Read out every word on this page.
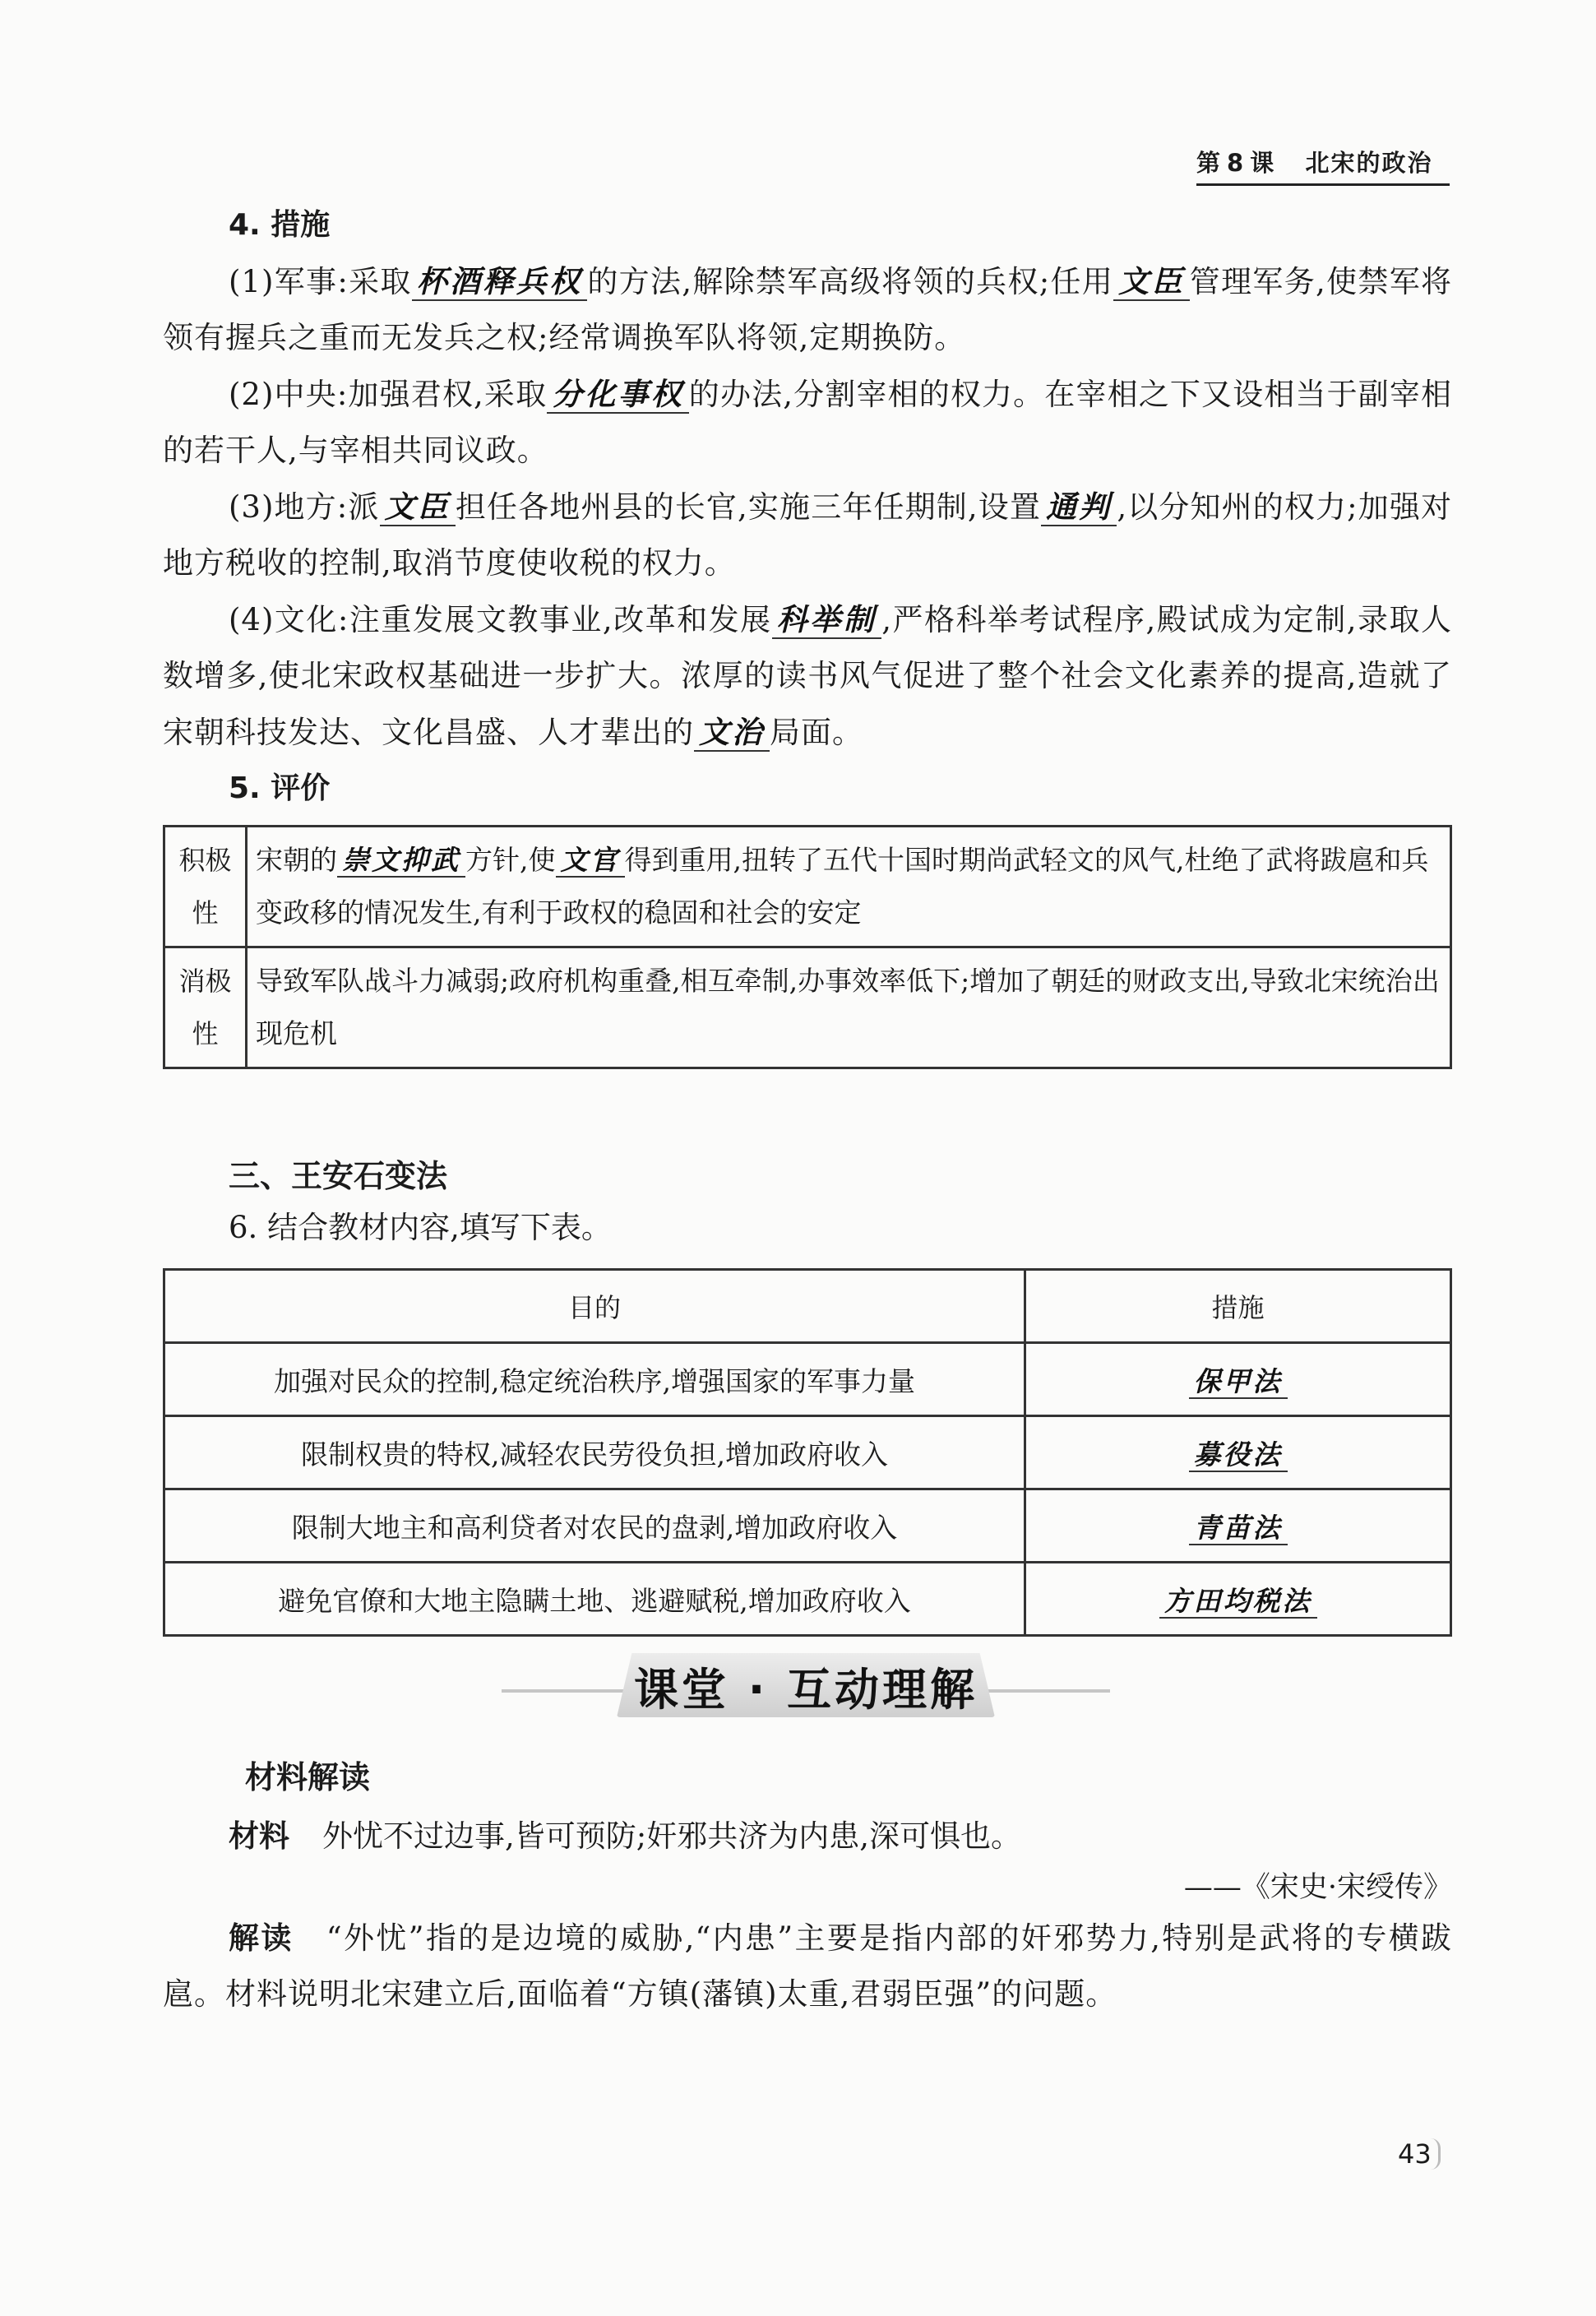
第 8 课 北宋的政治
4. 措施

(1)军事:采取 杯酒释兵权 的方法,解除禁军高级将领的兵权;任用 文臣 管理军务,使禁军将领有握兵之重而无发兵之权;经常调换军队将领,定期换防。

(2)中央:加强君权,采取 分化事权 的办法,分割宰相的权力。在宰相之下又设相当于副宰相的若干人,与宰相共同议政。

(3)地方:派 文臣 担任各地州县的长官,实施三年任期制,设置 通判 ,以分知州的权力;加强对地方税收的控制,取消节度使收税的权力。

(4)文化:注重发展文教事业,改革和发展 科举制 ,严格科举考试程序,殿试成为定制,录取人数增多,使北宋政权基础进一步扩大。浓厚的读书风气促进了整个社会文化素养的提高,造就了宋朝科技发达、文化昌盛、人才辈出的 文治 局面。

5. 评价
积极
性	宋朝的 崇文抑武 方针,使 文官 得到重用,扭转了五代十国时期尚武轻文的风气,杜绝了武将跋扈和兵变政移的情况发生,有利于政权的稳固和社会的安定

消极
性	导致军队战斗力减弱;政府机构重叠,相互牵制,办事效率低下;增加了朝廷的财政支出,导致北宋统治出现危机
三、王安石变法
6. 结合教材内容,填写下表。
目的	措施
加强对民众的控制,稳定统治秩序,增强国家的军事力量	保甲法
限制权贵的特权,减轻农民劳役负担,增加政府收入	募役法
限制大地主和高利贷者对农民的盘剥,增加政府收入	青苗法
避免官僚和大地主隐瞒土地、逃避赋税,增加政府收入	方田均税法
课堂 · 互动理解
材料解读
材料 外忧不过边事,皆可预防;奸邪共济为内患,深可惧也。
——《宋史·宋绶传》

解读 “外忧”指的是边境的威胁,“内患”主要是指内部的奸邪势力,特别是武将的专横跋扈。材料说明北宋建立后,面临着“方镇(藩镇)太重,君弱臣强”的问题。

43
